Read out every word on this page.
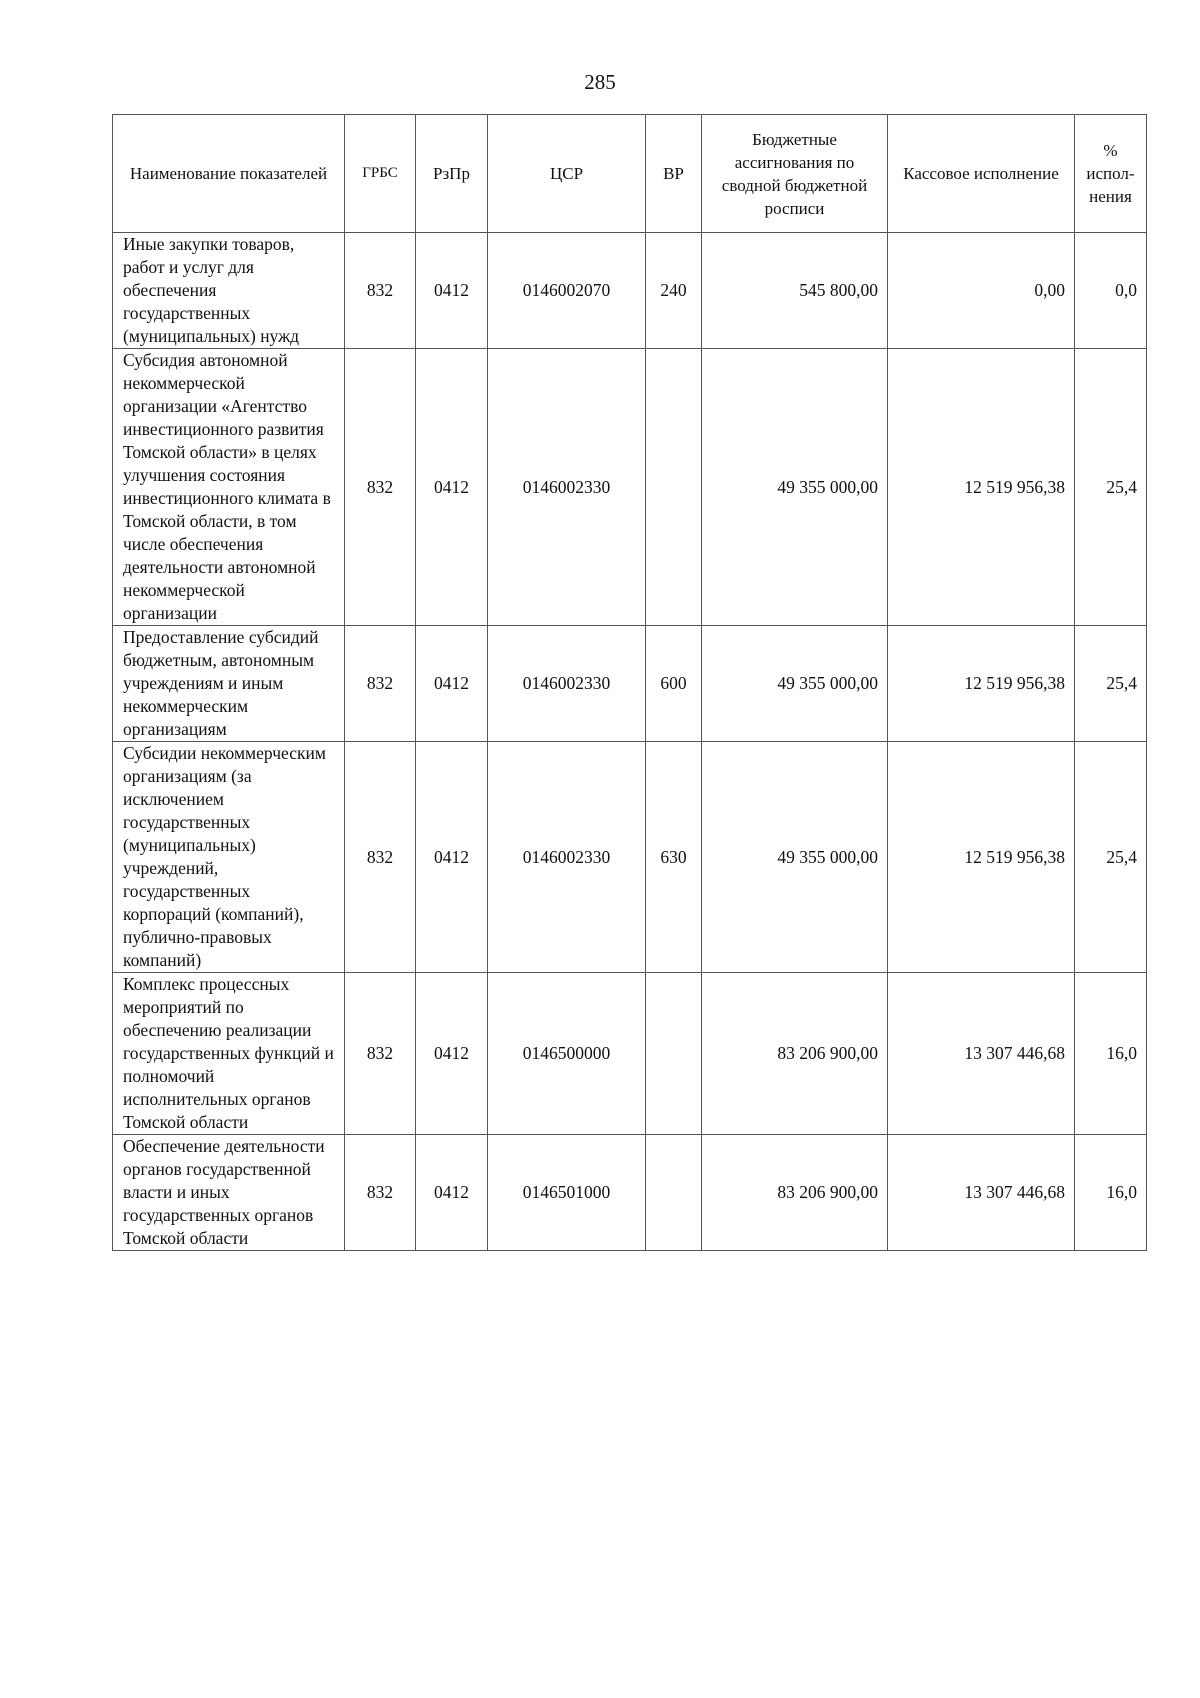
285
Наименование показателей	ГРБС	РзПр	ЦСР	ВР	Бюджетные ассигнования по сводной бюджетной росписи	Кассовое исполнение	% испол-нения
Иные закупки товаров, работ и услуг для обеспечения государственных (муниципальных) нужд	832	0412	0146002070	240	545 800,00	0,00	0,0
Субсидия автономной некоммерческой организации «Агентство инвестиционного развития Томской области» в целях улучшения состояния инвестиционного климата в Томской области, в том числе обеспечения деятельности автономной некоммерческой организации	832	0412	0146002330		49 355 000,00	12 519 956,38	25,4
Предоставление субсидий бюджетным, автономным учреждениям и иным некоммерческим организациям	832	0412	0146002330	600	49 355 000,00	12 519 956,38	25,4
Субсидии некоммерческим организациям (за исключением государственных (муниципальных) учреждений, государственных корпораций (компаний), публично-правовых компаний)	832	0412	0146002330	630	49 355 000,00	12 519 956,38	25,4
Комплекс процессных мероприятий по обеспечению реализации государственных функций и полномочий исполнительных органов Томской области	832	0412	0146500000		83 206 900,00	13 307 446,68	16,0
Обеспечение деятельности органов государственной власти и иных государственных органов Томской области	832	0412	0146501000		83 206 900,00	13 307 446,68	16,0
